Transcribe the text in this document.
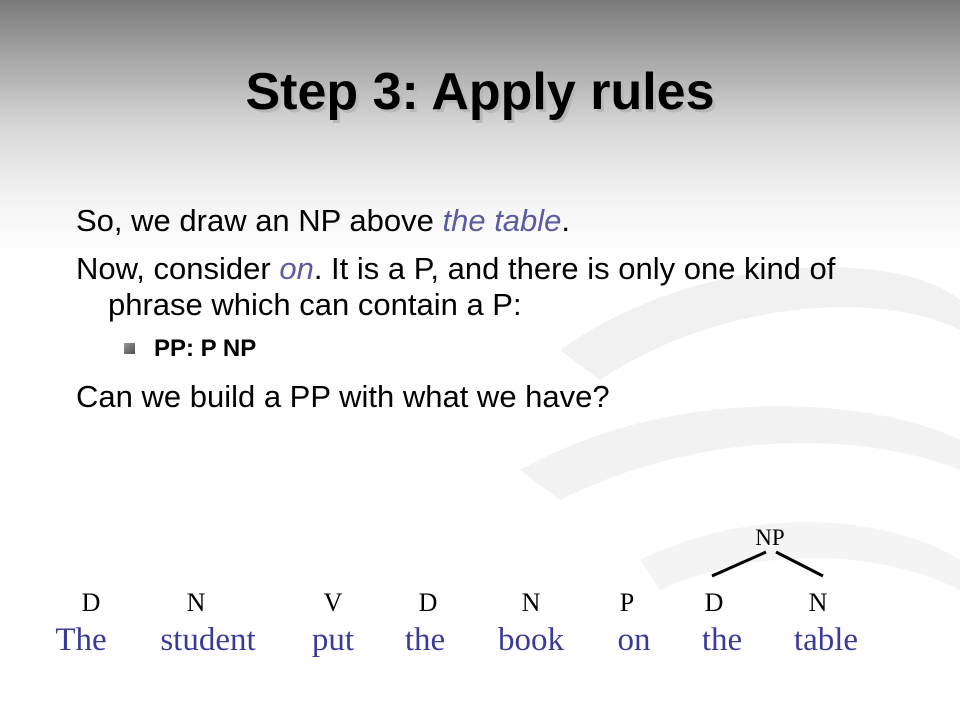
Step 3: Apply rules

So, we draw an NP above the table.

Now, consider on. It is a P, and there is only one kind of phrase which can contain a P:

PP: P NP

Can we build a PP with what we have?

NP
D	N	V	D	N	P	D	N
The student put the book on the table
